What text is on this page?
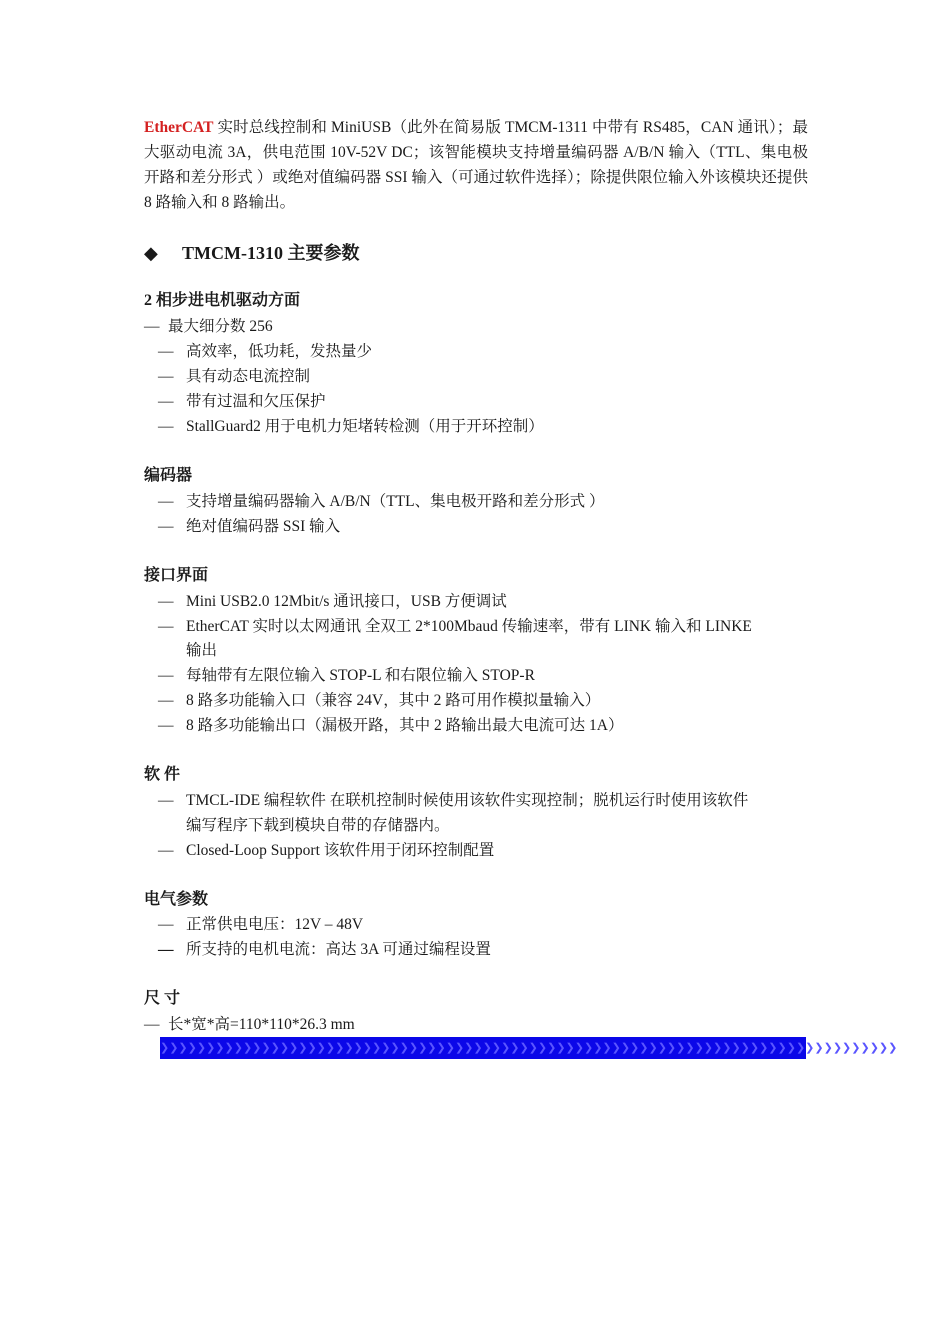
EtherCAT 实时总线控制和 MiniUSB（此外在简易版 TMCM-1311 中带有 RS485，CAN 通讯）；最大驱动电流 3A，供电范围 10V-52V DC；该智能模块支持增量编码器 A/B/N 输入（TTL、集电极开路和差分形式 ）或绝对值编码器 SSI 输入（可通过软件选择）；除提供限位输入外该模块还提供 8 路输入和 8 路输出。

◆ TMCM-1310 主要参数
2 相步进电机驱动方面
— 最大细分数 256
— 高效率，低功耗，发热量少
— 具有动态电流控制
— 带有过温和欠压保护
— StallGuard2 用于电机力矩堵转检测（用于开环控制）
编码器
— 支持增量编码器输入 A/B/N（TTL、集电极开路和差分形式 ）
— 绝对值编码器 SSI 输入
接口界面
— Mini USB2.0 12Mbit/s 通讯接口，USB 方便调试
— EtherCAT 实时以太网通讯 全双工 2*100Mbaud 传输速率，带有 LINK 输入和 LINKE
输出
— 每轴带有左限位输入 STOP-L 和右限位输入 STOP-R
— 8 路多功能输入口（兼容 24V，其中 2 路可用作模拟量输入）
— 8 路多功能输出口（漏极开路，其中 2 路输出最大电流可达 1A）
软 件
— TMCL-IDE 编程软件 在联机控制时候使用该软件实现控制；脱机运行时使用该软件
编写程序下载到模块自带的存储器内。
— Closed-Loop Support 该软件用于闭环控制配置
电气参数
— 正常供电电压：12V – 48V
— 所支持的电机电流：高达 3A 可通过编程设置
尺 寸
— 长*宽*高=110*110*26.3 mm
❯❯❯❯❯❯❯❯❯❯❯❯❯❯❯❯❯❯❯❯❯❯❯❯❯❯❯❯❯❯❯❯❯❯❯❯❯❯❯❯❯❯❯❯❯❯❯❯❯❯❯❯❯❯❯❯❯❯❯❯❯❯❯❯❯❯❯❯❯❯❯❯❯❯❯❯❯❯❯❯
